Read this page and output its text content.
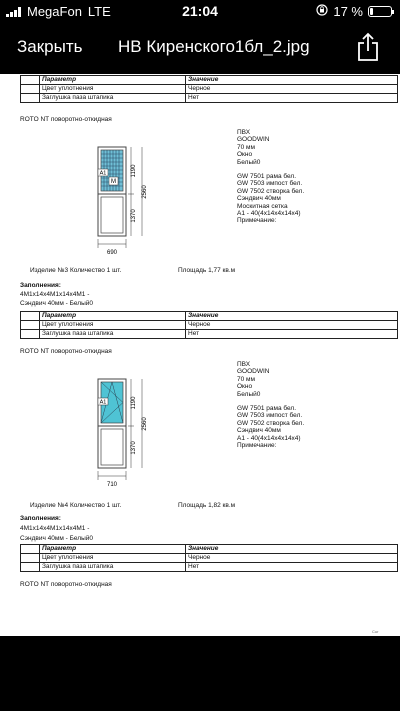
MegaFon LTE	21:04	17 %
Закрыть НВ Киренского1бл_2.jpg
	Параметр	Значение
	Цвет уплотнения	Черное
	Заглушка паза штапика	Нет
ROTO NT поворотно-откидная
A1
M
1190
1370
2560
690
ПВХ
GOODWIN
70 мм
Окно
Белый0
GW 7501 рама бел.
GW 7503 импост бел.
GW 7502 створка бел.
Сэндвич 40мм
Москитная сетка
А1 - 40(4х14х4х14х4)
Примечание:
Изделие №3 Количество 1 шт.	Площадь 1,77 кв.м
Заполнения:
4М1х14х4М1х14х4М1 -
Сэндвич 40мм - Белый0
	Параметр	Значение
	Цвет уплотнения	Черное
	Заглушка паза штапика	Нет
ROTO NT поворотно-откидная
A1	1190
1370
2560
710
ПВХ
GOODWIN
70 мм
Окно
Белый0
GW 7501 рама бел.
GW 7503 импост бел.
GW 7502 створка бел.
Сэндвич 40мм
А1 - 40(4х14х4х14х4)
Примечание:
Изделие №4 Количество 1 шт.	Площадь 1,82 кв.м
Заполнения:
4М1х14х4М1х14х4М1 -
Сэндвич 40мм - Белый0
	Параметр	Значение
	Цвет уплотнения	Черное
	Заглушка паза штапика	Нет
ROTO NT поворотно-откидная
Cur
